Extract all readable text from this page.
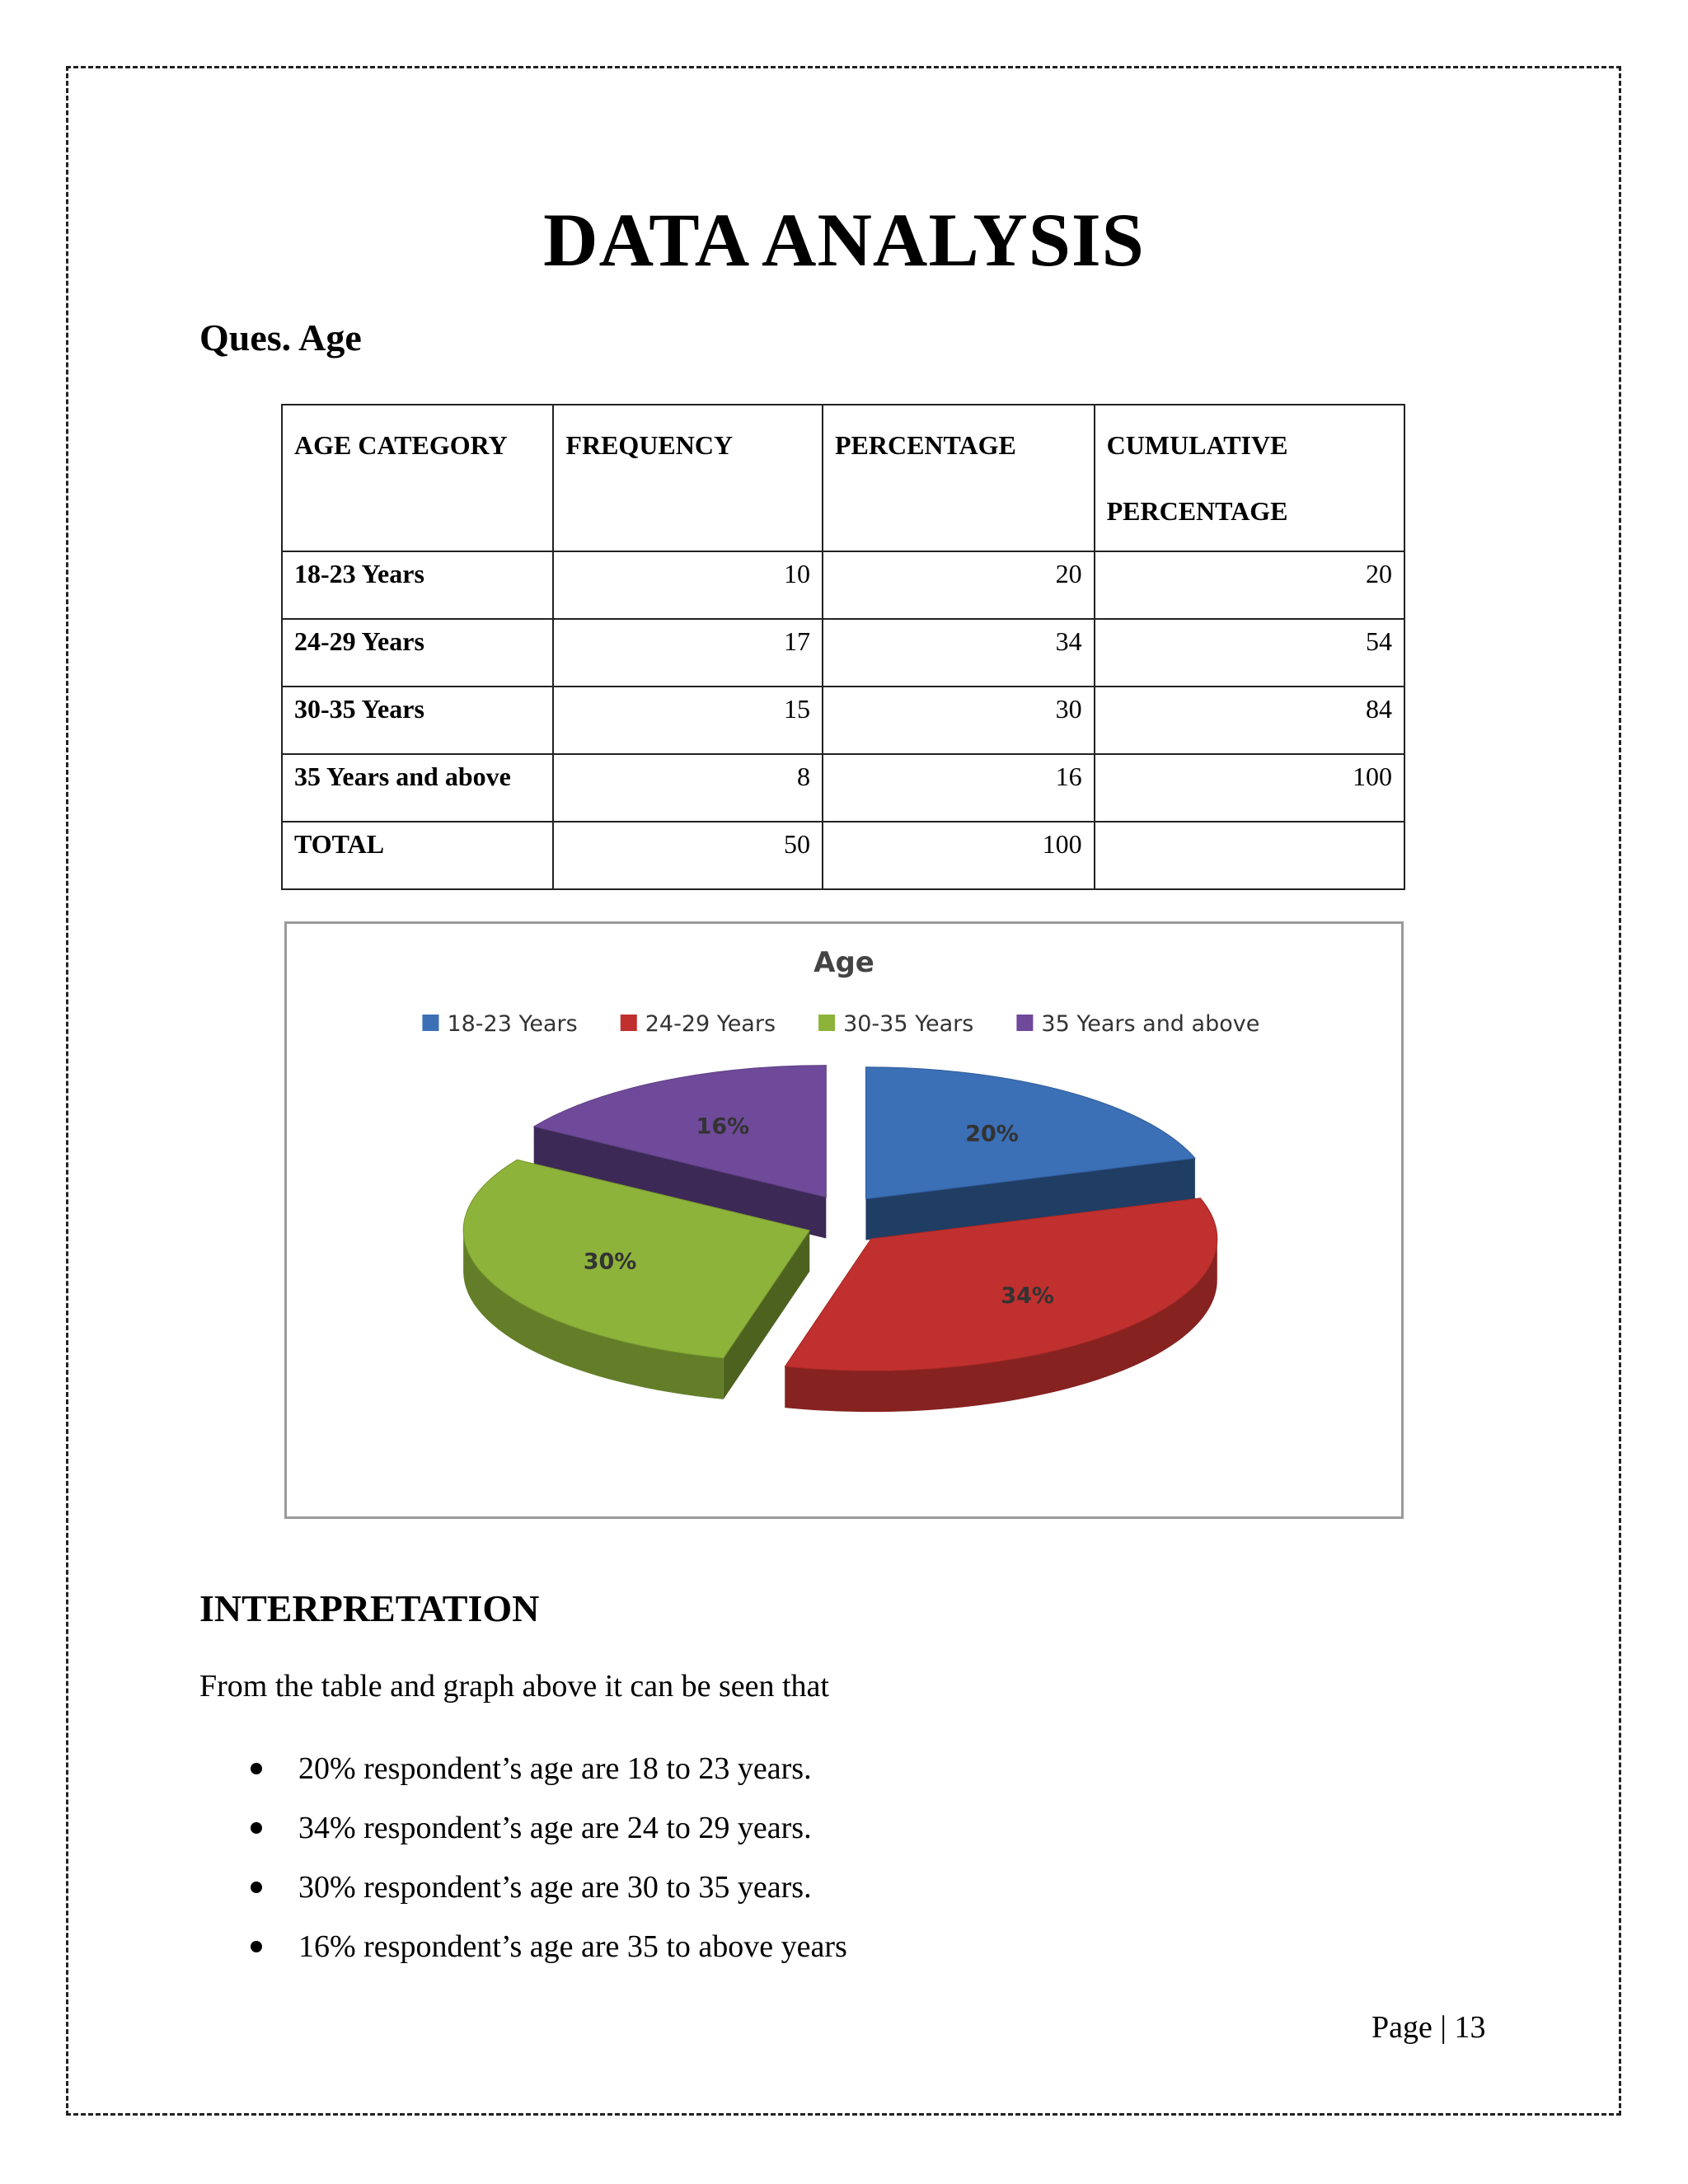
DATA ANALYSIS
Ques. Age
AGE CATEGORY	FREQUENCY	PERCENTAGE	CUMULATIVE
PERCENTAGE

18-23 Years	10	20	20
24-29 Years	17	34	54
30-35 Years	15	30	84
35 Years and above	8	16	100
TOTAL	50	100	
Age
18-23 Years	24-29 Years	30-35 Years	35 Years and above
20%
34%
30%
16%
INTERPRETATION
From the table and graph above it can be seen that
20% respondent’s age are 18 to 23 years.
34% respondent’s age are 24 to 29 years.
30% respondent’s age are 30 to 35 years.
16% respondent’s age are 35 to above years
Page | 13
